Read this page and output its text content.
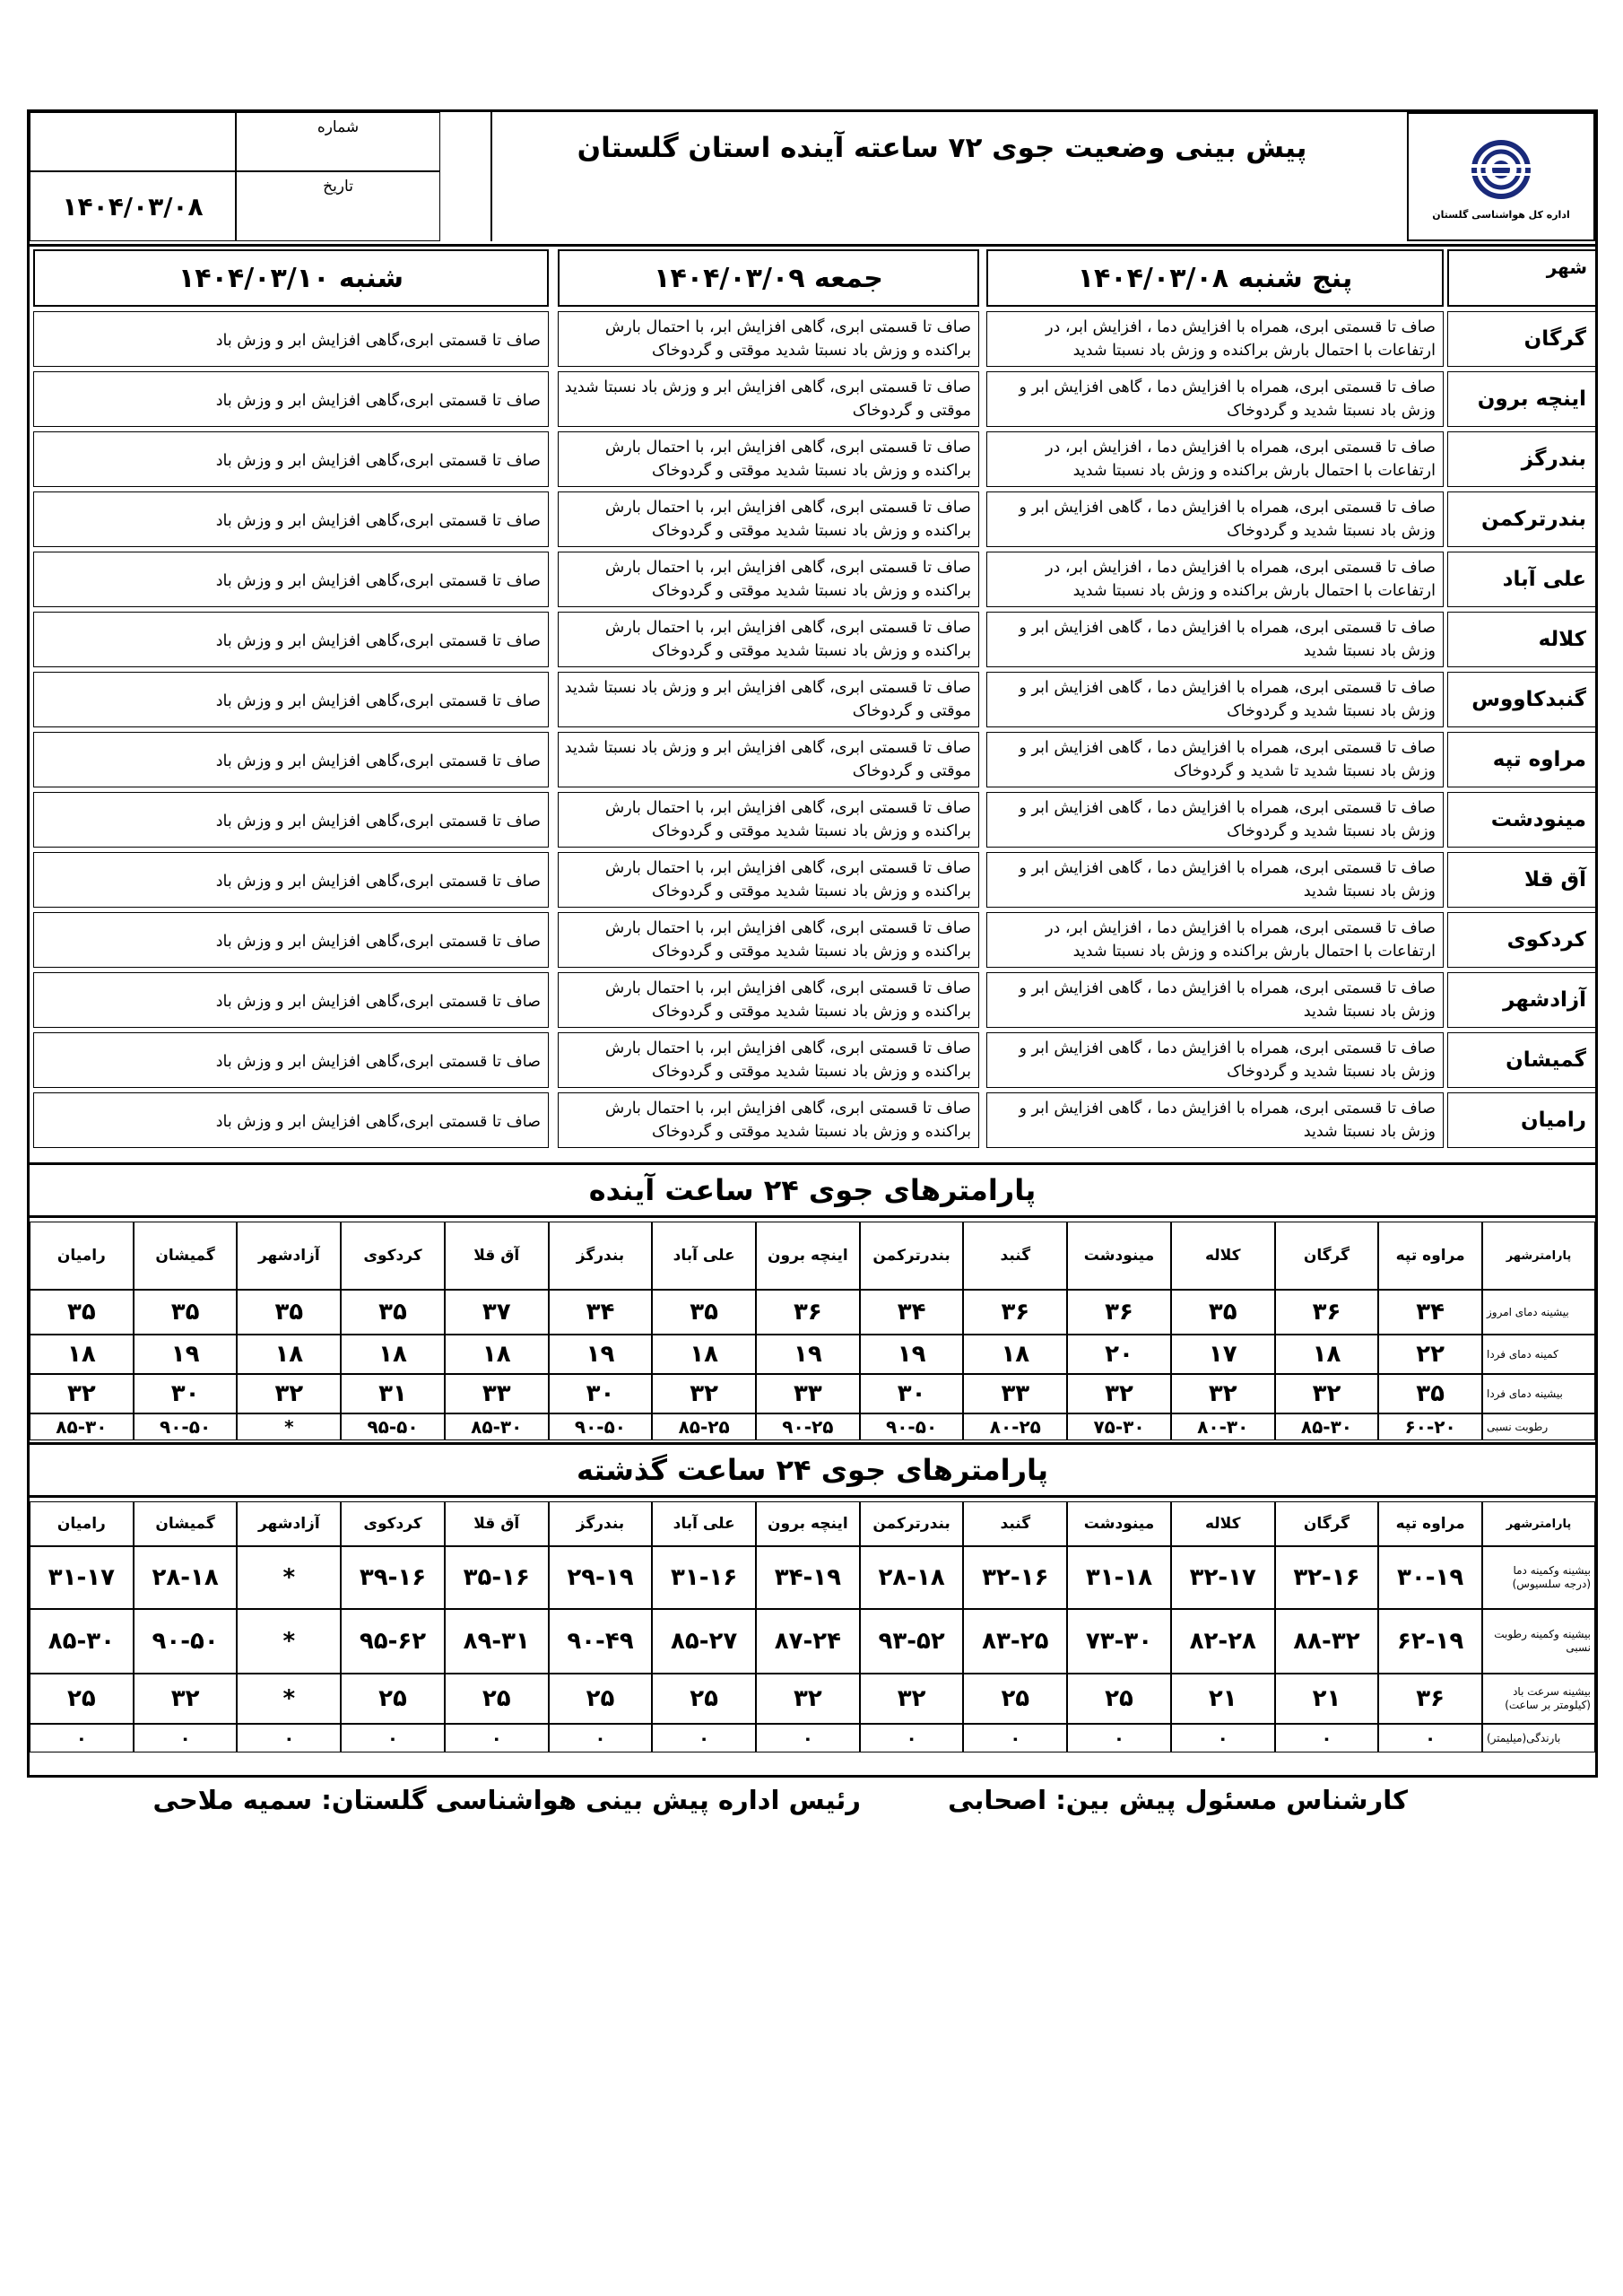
اداره کل هواشناسی گلستان
پیش بینی وضعیت جوی ۷۲ ساعته آینده استان گلستان
شماره
تاریخ
۱۴۰۴/۰۳/۰۸
شهر
پنج شنبه ۱۴۰۴/۰۳/۰۸
جمعه ۱۴۰۴/۰۳/۰۹
شنبه ۱۴۰۴/۰۳/۱۰
گرگان
صاف تا قسمتی ابری، همراه با افزایش دما ، افزایش ابر، در ارتفاعات با احتمال بارش براکنده و وزش باد نسبتا شدید
صاف تا قسمتی ابری، گاهی افزایش ابر، با احتمال بارش براکنده و وزش باد نسبتا شدید موقتی و گردوخاک
صاف تا قسمتی ابری،گاهی افزایش ابر و وزش باد
اینچه برون
صاف تا قسمتی ابری، همراه با افزایش دما ، گاهی افزایش ابر و وزش باد نسبتا شدید و گردوخاک
صاف تا قسمتی ابری، گاهی افزایش ابر و وزش باد نسبتا شدید موقتی و گردوخاک
صاف تا قسمتی ابری،گاهی افزایش ابر و وزش باد
بندرگز
صاف تا قسمتی ابری، همراه با افزایش دما ، افزایش ابر، در ارتفاعات با احتمال بارش براکنده و وزش باد نسبتا شدید
صاف تا قسمتی ابری، گاهی افزایش ابر، با احتمال بارش براکنده و وزش باد نسبتا شدید موقتی و گردوخاک
صاف تا قسمتی ابری،گاهی افزایش ابر و وزش باد
بندرترکمن
صاف تا قسمتی ابری، همراه با افزایش دما ، گاهی افزایش ابر و وزش باد نسبتا شدید و گردوخاک
صاف تا قسمتی ابری، گاهی افزایش ابر، با احتمال بارش براکنده و وزش باد نسبتا شدید موقتی و گردوخاک
صاف تا قسمتی ابری،گاهی افزایش ابر و وزش باد
علی آباد
صاف تا قسمتی ابری، همراه با افزایش دما ، افزایش ابر، در ارتفاعات با احتمال بارش براکنده و وزش باد نسبتا شدید
صاف تا قسمتی ابری، گاهی افزایش ابر، با احتمال بارش براکنده و وزش باد نسبتا شدید موقتی و گردوخاک
صاف تا قسمتی ابری،گاهی افزایش ابر و وزش باد
کلاله
صاف تا قسمتی ابری، همراه با افزایش دما ، گاهی افزایش ابر و وزش باد نسبتا شدید
صاف تا قسمتی ابری، گاهی افزایش ابر، با احتمال بارش براکنده و وزش باد نسبتا شدید موقتی و گردوخاک
صاف تا قسمتی ابری،گاهی افزایش ابر و وزش باد
گنبدکاووس
صاف تا قسمتی ابری، همراه با افزایش دما ، گاهی افزایش ابر و وزش باد نسبتا شدید و گردوخاک
صاف تا قسمتی ابری، گاهی افزایش ابر و وزش باد نسبتا شدید موقتی و گردوخاک
صاف تا قسمتی ابری،گاهی افزایش ابر و وزش باد
مراوه تپه
صاف تا قسمتی ابری، همراه با افزایش دما ، گاهی افزایش ابر و وزش باد نسبتا شدید تا شدید و گردوخاک
صاف تا قسمتی ابری، گاهی افزایش ابر و وزش باد نسبتا شدید موقتی و گردوخاک
صاف تا قسمتی ابری،گاهی افزایش ابر و وزش باد
مینودشت
صاف تا قسمتی ابری، همراه با افزایش دما ، گاهی افزایش ابر و وزش باد نسبتا شدید و گردوخاک
صاف تا قسمتی ابری، گاهی افزایش ابر، با احتمال بارش براکنده و وزش باد نسبتا شدید موقتی و گردوخاک
صاف تا قسمتی ابری،گاهی افزایش ابر و وزش باد
آق قلا
صاف تا قسمتی ابری، همراه با افزایش دما ، گاهی افزایش ابر و وزش باد نسبتا شدید
صاف تا قسمتی ابری، گاهی افزایش ابر، با احتمال بارش براکنده و وزش باد نسبتا شدید موقتی و گردوخاک
صاف تا قسمتی ابری،گاهی افزایش ابر و وزش باد
کردکوی
صاف تا قسمتی ابری، همراه با افزایش دما ، افزایش ابر، در ارتفاعات با احتمال بارش براکنده و وزش باد نسبتا شدید
صاف تا قسمتی ابری، گاهی افزایش ابر، با احتمال بارش براکنده و وزش باد نسبتا شدید موقتی و گردوخاک
صاف تا قسمتی ابری،گاهی افزایش ابر و وزش باد
آزادشهر
صاف تا قسمتی ابری، همراه با افزایش دما ، گاهی افزایش ابر و وزش باد نسبتا شدید
صاف تا قسمتی ابری، گاهی افزایش ابر، با احتمال بارش براکنده و وزش باد نسبتا شدید موقتی و گردوخاک
صاف تا قسمتی ابری،گاهی افزایش ابر و وزش باد
گمیشان
صاف تا قسمتی ابری، همراه با افزایش دما ، گاهی افزایش ابر و وزش باد نسبتا شدید و گردوخاک
صاف تا قسمتی ابری، گاهی افزایش ابر، با احتمال بارش براکنده و وزش باد نسبتا شدید موقتی و گردوخاک
صاف تا قسمتی ابری،گاهی افزایش ابر و وزش باد
رامیان
صاف تا قسمتی ابری، همراه با افزایش دما ، گاهی افزایش ابر و وزش باد نسبتا شدید
صاف تا قسمتی ابری، گاهی افزایش ابر، با احتمال بارش براکنده و وزش باد نسبتا شدید موقتی و گردوخاک
صاف تا قسمتی ابری،گاهی افزایش ابر و وزش باد
پارامترهای جوی ۲۴ ساعت آینده
پارامترشهر
مراوه تپه
گرگان
کلاله
مینودشت
گنبد
بندرترکمن
اینچه برون
علی آباد
بندرگز
آق قلا
کردکوی
آزادشهر
گمیشان
رامیان
بیشینه دمای امروز
۳۴
۳۶
۳۵
۳۶
۳۶
۳۴
۳۶
۳۵
۳۴
۳۷
۳۵
۳۵
۳۵
۳۵
کمینه دمای فردا
۲۲
۱۸
۱۷
۲۰
۱۸
۱۹
۱۹
۱۸
۱۹
۱۸
۱۸
۱۸
۱۹
۱۸
بیشینه دمای فردا
۳۵
۳۲
۳۲
۳۲
۳۳
۳۰
۳۳
۳۲
۳۰
۳۳
۳۱
۳۲
۳۰
۳۲
رطوبت نسبی
۶۰-۲۰
۸۵-۳۰
۸۰-۳۰
۷۵-۳۰
۸۰-۲۵
۹۰-۵۰
۹۰-۲۵
۸۵-۲۵
۹۰-۵۰
۸۵-۳۰
۹۵-۵۰
*
۹۰-۵۰
۸۵-۳۰
پارامترهای جوی ۲۴ ساعت گذشته
پارامترشهر
مراوه تپه
گرگان
کلاله
مینودشت
گنبد
بندرترکمن
اینچه برون
علی آباد
بندرگز
آق قلا
کردکوی
آزادشهر
گمیشان
رامیان
بیشینه وکمینه دما (درجه سلسیوس)
۳۰-۱۹
۳۲-۱۶
۳۲-۱۷
۳۱-۱۸
۳۲-۱۶
۲۸-۱۸
۳۴-۱۹
۳۱-۱۶
۲۹-۱۹
۳۵-۱۶
۳۹-۱۶
*
۲۸-۱۸
۳۱-۱۷
بیشینه وکمینه رطوبت نسبی
۶۲-۱۹
۸۸-۳۲
۸۲-۲۸
۷۳-۳۰
۸۳-۲۵
۹۳-۵۲
۸۷-۲۴
۸۵-۲۷
۹۰-۴۹
۸۹-۳۱
۹۵-۶۲
*
۹۰-۵۰
۸۵-۳۰
بیشینه سرعت باد (کیلومتر بر ساعت)
۳۶
۲۱
۲۱
۲۵
۲۵
۳۲
۳۲
۲۵
۲۵
۲۵
۲۵
*
۳۲
۲۵
بارندگی(میلیمتر)
۰
۰
۰
۰
۰
۰
۰
۰
۰
۰
۰
۰
۰
۰
کارشناس مسئول پیش بین: اصحابی
رئیس اداره پیش بینی هواشناسی گلستان: سمیه ملاحی
